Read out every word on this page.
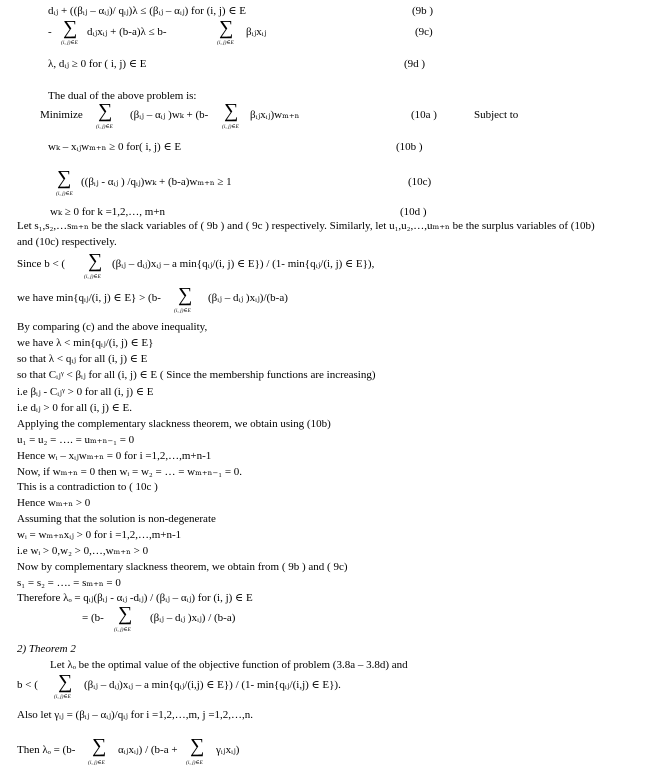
dᵢⱼ + ((βᵢⱼ – αᵢⱼ)/ qᵢⱼ)λ ≤ (βᵢⱼ – αᵢⱼ) for (i, j) ∈ E	(9b )
- ∑
(i, j)∈E
dᵢⱼxᵢⱼ + (b-a)λ ≤ b-	∑
(i, j)∈E
βᵢⱼxᵢⱼ	(9c)
λ, dᵢⱼ ≥ 0 for ( i, j) ∈ E	(9d )
The dual of the above problem is:
Minimize ∑
(i, j)∈E
(βᵢⱼ – αᵢⱼ )wₖ + (b- ∑
(i, j)∈E
βᵢⱼxᵢⱼ)wₘ₊ₙ	(10a )	Subject to
wₖ – xᵢⱼwₘ₊ₙ ≥ 0 for( i, j) ∈ E	(10b )
∑
(i, j)∈E
((βᵢⱼ - αᵢⱼ ) /qᵢⱼ)wₖ + (b-a)wₘ₊ₙ ≥ 1	(10c)
wₖ ≥ 0 for k =1,2,…, m+n	(10d )
Let s₁,s₂,…sₘ₊ₙ be the slack variables of ( 9b ) and ( 9c ) respectively. Similarly, let u₁,u₂,…,uₘ₊ₙ be the surplus variables of (10b)
and (10c) respectively.
Since b < ( ∑
(i, j)∈E
(βᵢⱼ – dᵢⱼ)xᵢⱼ – a min{qᵢⱼ/(i, j) ∈ E}) / (1- min{qᵢⱼ/(i, j) ∈ E}),
we have min{qᵢⱼ/(i, j) ∈ E} > (b- ∑
(i, j)∈E
(βᵢⱼ – dᵢⱼ )xᵢⱼ)/(b-a)
By comparing (c) and the above inequality,
we have λ < min{qᵢⱼ/(i, j) ∈ E}
so that λ < qᵢⱼ for all (i, j) ∈ E
so that Cᵢⱼᵞ < βᵢⱼ for all (i, j) ∈ E ( Since the membership functions are increasing)
i.e βᵢⱼ - Cᵢⱼᵞ > 0 for all (i, j) ∈ E
i.e dᵢⱼ > 0 for all (i, j) ∈ E.
Applying the complementary slackness theorem, we obtain using (10b)
u₁ = u₂ = …. = uₘ₊ₙ₋₁ = 0
Hence wᵢ – xᵢⱼwₘ₊ₙ = 0 for i =1,2,…,m+n-1
Now, if wₘ₊ₙ = 0 then wᵢ = w₂ = … = wₘ₊ₙ₋₁ = 0.
This is a contradiction to ( 10c )
Hence wₘ₊ₙ > 0
Assuming that the solution is non-degenerate
wᵢ = wₘ₊ₙxᵢⱼ > 0 for i =1,2,…,m+n-1
i.e wᵢ > 0,w₂ > 0,…,wₘ₊ₙ > 0
Now by complementary slackness theorem, we obtain from ( 9b ) and ( 9c)
s₁ = s₂ = …. = sₘ₊ₙ = 0
Therefore λₒ = qᵢⱼ(βᵢⱼ - αᵢⱼ -dᵢⱼ) / (βᵢⱼ – αᵢⱼ) for (i, j) ∈ E
= (b- ∑
(i, j)∈E
(βᵢⱼ – dᵢⱼ )xᵢⱼ) / (b-a)
2) Theorem 2
Let λₒ be the optimal value of the objective function of problem (3.8a – 3.8d) and
b < ( ∑
(i, j)∈E
(βᵢⱼ – dᵢⱼ)xᵢⱼ – a min{qᵢⱼ/(i,j) ∈ E}) / (1- min{qᵢⱼ/(i,j) ∈ E}).
Also let γᵢⱼ = (βᵢⱼ – αᵢⱼ)/qᵢⱼ for i =1,2,…,m, j =1,2,…,n.
Then λₒ = (b- ∑
(i, j)∈E
αᵢⱼxᵢⱼ) / (b-a + ∑
(i, j)∈E
γᵢⱼxᵢⱼ)
